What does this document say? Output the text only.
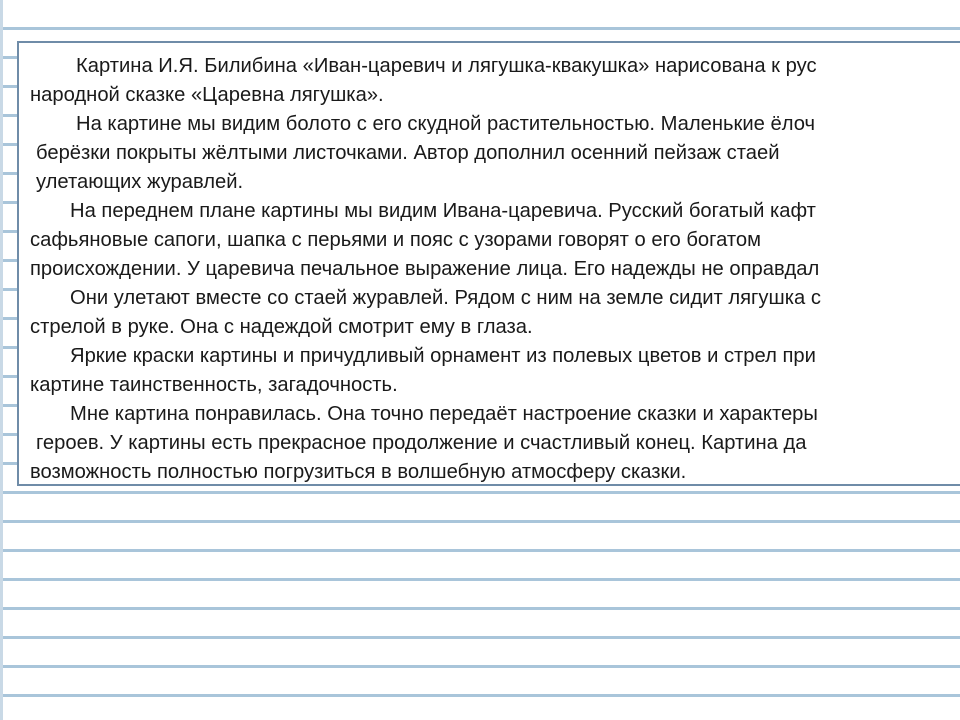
Картина И.Я. Билибина «Иван-царевич и лягушка-квакушка» нарисована к рус
народной сказке «Царевна лягушка».
На картине мы видим болото с его скудной растительностью. Маленькие ёлоч
берёзки покрыты жёлтыми листочками. Автор дополнил осенний пейзаж стаей
улетающих журавлей.
На переднем плане картины мы видим Ивана-царевича. Русский богатый кафт
сафьяновые сапоги, шапка с перьями и пояс с узорами говорят о его богатом
происхождении. У царевича печальное выражение лица. Его надежды не оправдал
Они улетают вместе со стаей журавлей. Рядом с ним на земле сидит лягушка с
стрелой в руке. Она с надеждой смотрит ему в глаза.
Яркие краски картины и причудливый орнамент из полевых цветов и стрел при
картине таинственность, загадочность.
Мне картина понравилась. Она точно передаёт настроение сказки и характеры
героев. У картины есть прекрасное продолжение и счастливый конец. Картина да
возможность полностью погрузиться в волшебную атмосферу сказки.
